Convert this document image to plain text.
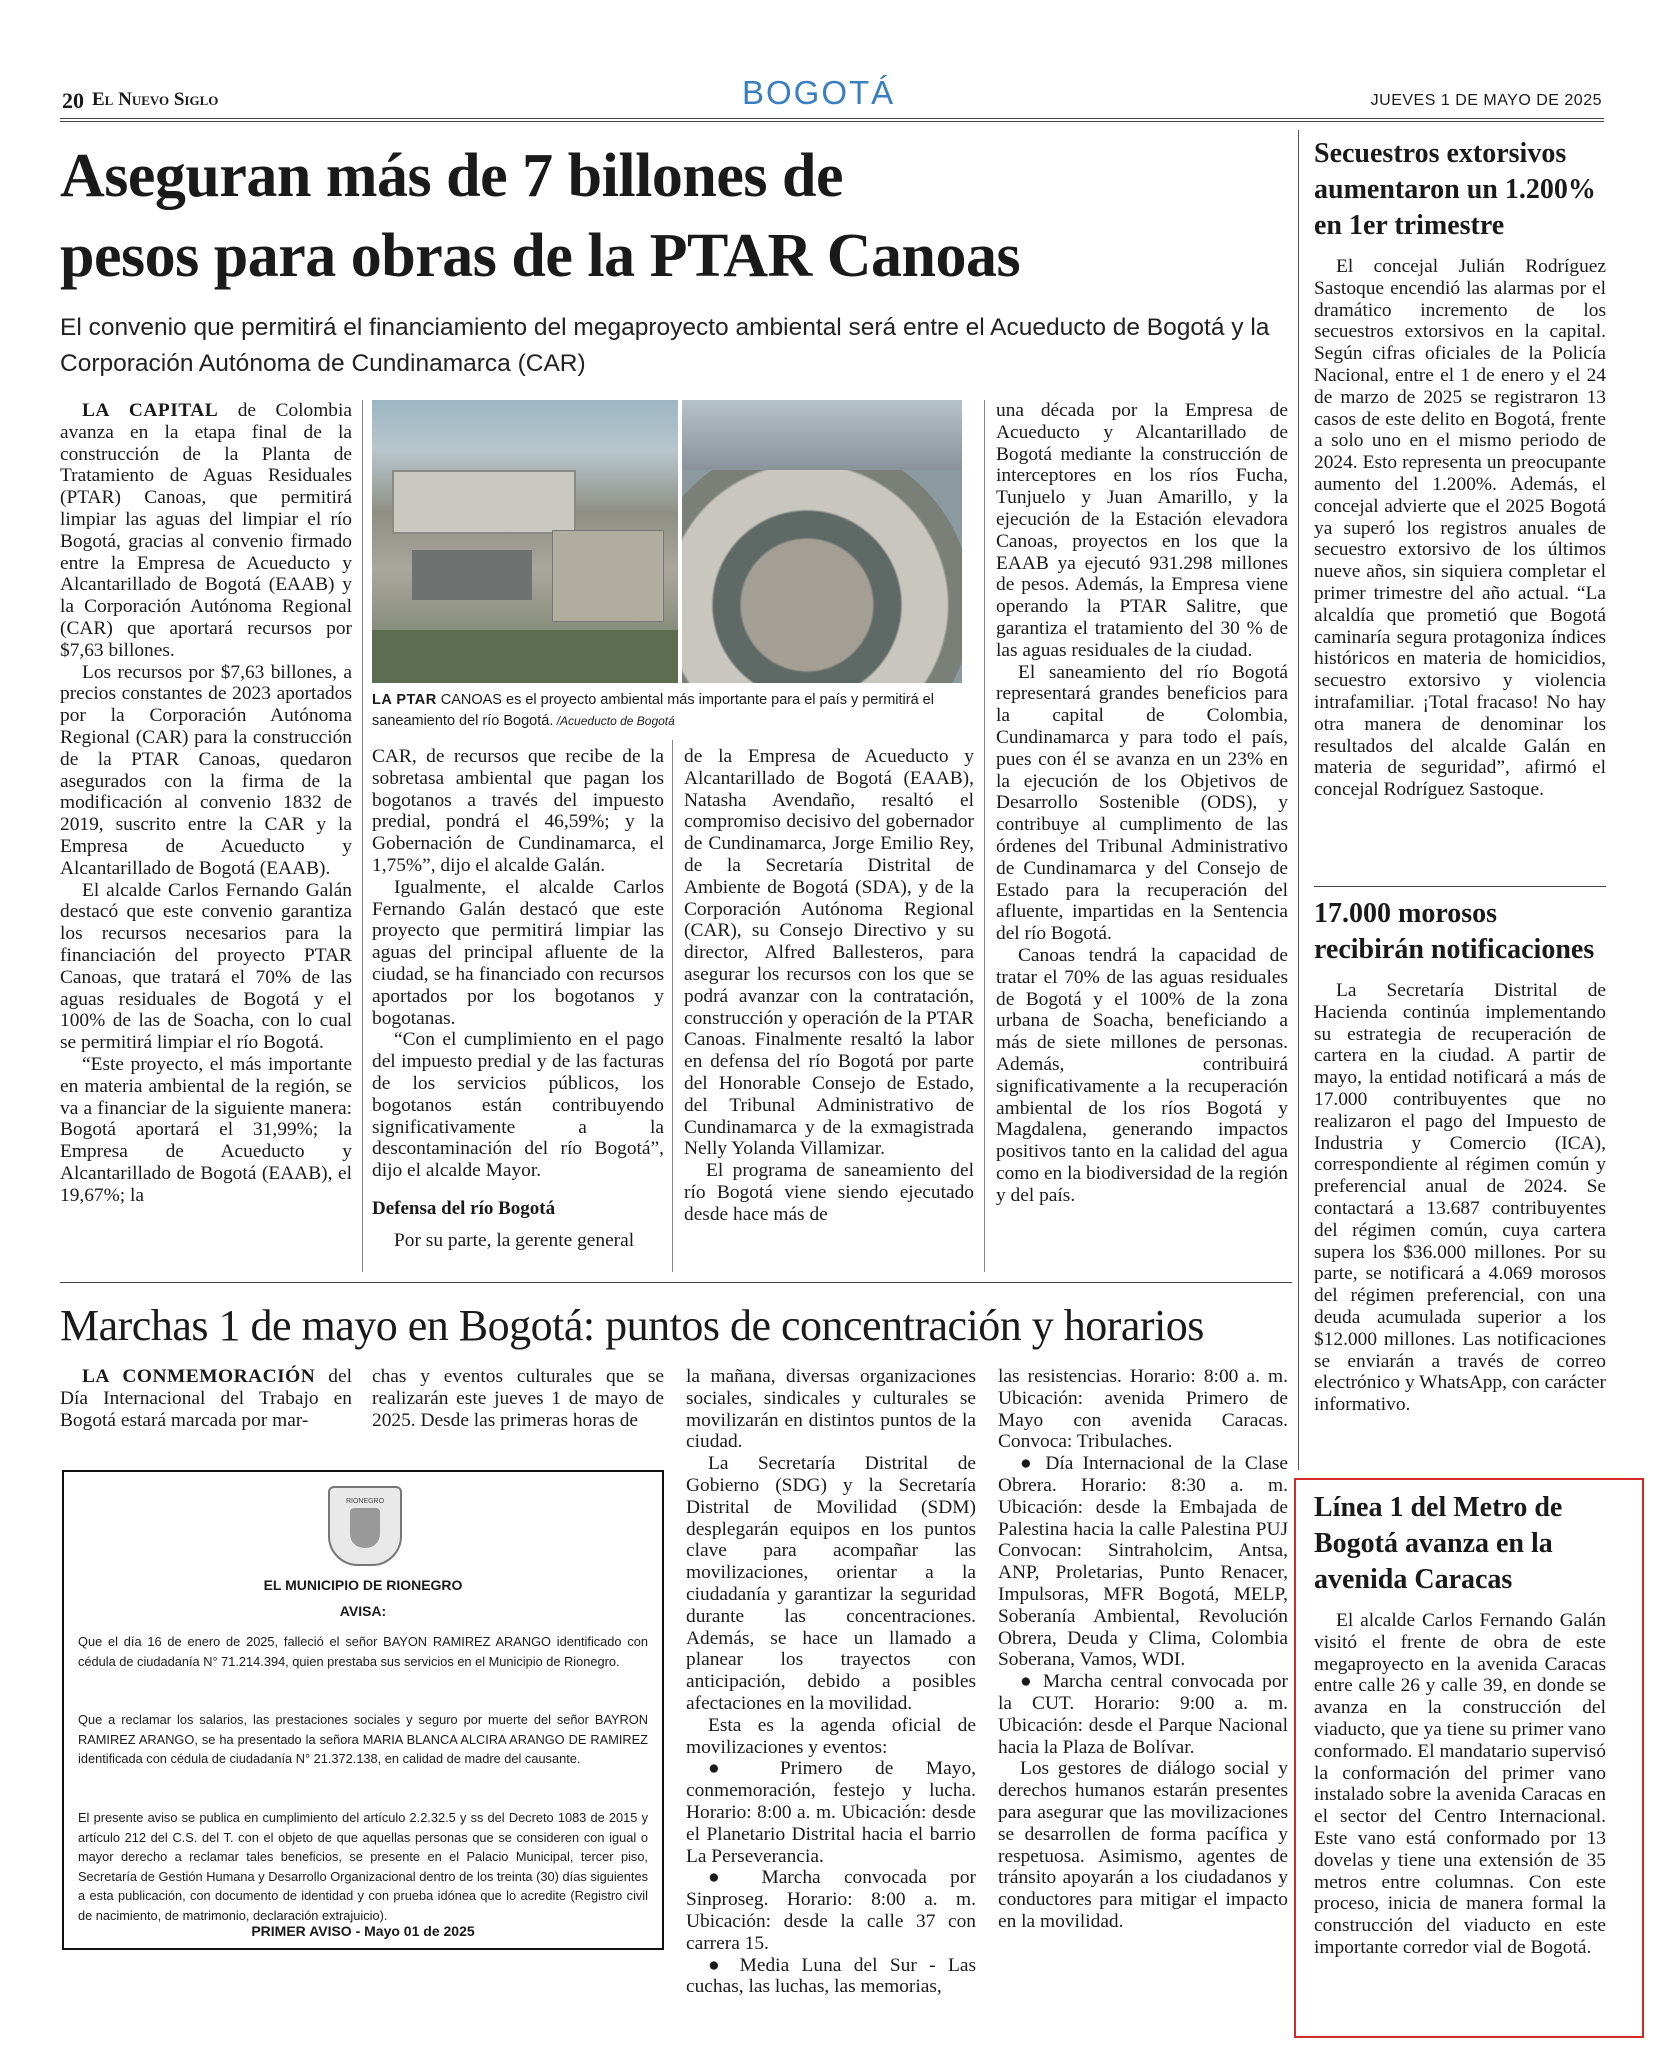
20 El Nuevo Siglo	BOGOTÁ	JUEVES 1 DE MAYO DE 2025
Aseguran más de 7 billones de
pesos para obras de la PTAR Canoas
El convenio que permitirá el financiamiento del megaproyecto ambiental será entre el Acueducto de Bogotá y la Corporación Autónoma de Cundinamarca (CAR)
LA PTAR CANOAS es el proyecto ambiental más importante para el país y permitirá el saneamiento del río Bogotá. /Acueducto de Bogotá

LA CAPITAL de Colombia avanza en la etapa final de la construcción de la Planta de Tratamiento de Aguas Residuales (PTAR) Canoas, que permitirá limpiar las aguas del limpiar el río Bogotá, gracias al convenio firmado entre la Empresa de Acueducto y Alcantarillado de Bogotá (EAAB) y la Corporación Autónoma Regional (CAR) que aportará recursos por $7,63 billones.

Los recursos por $7,63 billones, a precios constantes de 2023 aportados por la Corporación Autónoma Regional (CAR) para la construcción de la PTAR Canoas, quedaron asegurados con la firma de la modificación al convenio 1832 de 2019, suscrito entre la CAR y la Empresa de Acueducto y Alcantarillado de Bogotá (EAAB).

El alcalde Carlos Fernando Galán destacó que este convenio garantiza los recursos necesarios para la financiación del proyecto PTAR Canoas, que tratará el 70% de las aguas residuales de Bogotá y el 100% de las de Soacha, con lo cual se permitirá limpiar el río Bogotá.

“Este proyecto, el más importante en materia ambiental de la región, se va a financiar de la siguiente manera: Bogotá aportará el 31,99%; la Empresa de Acueducto y Alcantarillado de Bogotá (EAAB), el 19,67%; la

CAR, de recursos que recibe de la sobretasa ambiental que pagan los bogotanos a través del impuesto predial, pondrá el 46,59%; y la Gobernación de Cundinamarca, el 1,75%”, dijo el alcalde Galán.

Igualmente, el alcalde Carlos Fernando Galán destacó que este proyecto que permitirá limpiar las aguas del principal afluente de la ciudad, se ha financiado con recursos aportados por los bogotanos y bogotanas.

“Con el cumplimiento en el pago del impuesto predial y de las facturas de los servicios públicos, los bogotanos están contribuyendo significativamente a la descontaminación del río Bogotá”, dijo el alcalde Mayor.

Defensa del río Bogotá

Por su parte, la gerente general

de la Empresa de Acueducto y Alcantarillado de Bogotá (EAAB), Natasha Avendaño, resaltó el compromiso decisivo del gobernador de Cundinamarca, Jorge Emilio Rey, de la Secretaría Distrital de Ambiente de Bogotá (SDA), y de la Corporación Autónoma Regional (CAR), su Consejo Directivo y su director, Alfred Ballesteros, para asegurar los recursos con los que se podrá avanzar con la contratación, construcción y operación de la PTAR Canoas. Finalmente resaltó la labor en defensa del río Bogotá por parte del Honorable Consejo de Estado, del Tribunal Administrativo de Cundinamarca y de la exmagistrada Nelly Yolanda Villamizar.

El programa de saneamiento del río Bogotá viene siendo ejecutado desde hace más de

una década por la Empresa de Acueducto y Alcantarillado de Bogotá mediante la construcción de interceptores en los ríos Fucha, Tunjuelo y Juan Amarillo, y la ejecución de la Estación elevadora Canoas, proyectos en los que la EAAB ya ejecutó 931.298 millones de pesos. Además, la Empresa viene operando la PTAR Salitre, que garantiza el tratamiento del 30 % de las aguas residuales de la ciudad.

El saneamiento del río Bogotá representará grandes beneficios para la capital de Colombia, Cundinamarca y para todo el país, pues con él se avanza en un 23% en la ejecución de los Objetivos de Desarrollo Sostenible (ODS), y contribuye al cumplimento de las órdenes del Tribunal Administrativo de Cundinamarca y del Consejo de Estado para la recuperación del afluente, impartidas en la Sentencia del río Bogotá.

Canoas tendrá la capacidad de tratar el 70% de las aguas residuales de Bogotá y el 100% de la zona urbana de Soacha, beneficiando a más de siete millones de personas. Además, contribuirá significativamente a la recuperación ambiental de los ríos Bogotá y Magdalena, generando impactos positivos tanto en la calidad del agua como en la biodiversidad de la región y del país.

Marchas 1 de mayo en Bogotá: puntos de concentración y horarios

LA CONMEMORACIÓN del Día Internacional del Trabajo en Bogotá estará marcada por mar-

chas y eventos culturales que se realizarán este jueves 1 de mayo de 2025. Desde las primeras horas de

RIONEGRO
EL MUNICIPIO DE RIONEGRO
AVISA:
Que el día 16 de enero de 2025, falleció el señor BAYON RAMIREZ ARANGO identificado con cédula de ciudadanía N° 71.214.394, quien prestaba sus servicios en el Municipio de Rionegro.
Que a reclamar los salarios, las prestaciones sociales y seguro por muerte del señor BAYRON RAMIREZ ARANGO, se ha presentado la señora MARIA BLANCA ALCIRA ARANGO DE RAMIREZ identificada con cédula de ciudadanía N° 21.372.138, en calidad de madre del causante.
El presente aviso se publica en cumplimiento del artículo 2.2.32.5 y ss del Decreto 1083 de 2015 y artículo 212 del C.S. del T. con el objeto de que aquellas personas que se consideren con igual o mayor derecho a reclamar tales beneficios, se presente en el Palacio Municipal, tercer piso, Secretaría de Gestión Humana y Desarrollo Organizacional dentro de los treinta (30) días siguientes a esta publicación, con documento de identidad y con prueba idónea que lo acredite (Registro civil de nacimiento, de matrimonio, declaración extrajuicio).
PRIMER AVISO - Mayo 01 de 2025

la mañana, diversas organizaciones sociales, sindicales y culturales se movilizarán en distintos puntos de la ciudad.

La Secretaría Distrital de Gobierno (SDG) y la Secretaría Distrital de Movilidad (SDM) desplegarán equipos en los puntos clave para acompañar las movilizaciones, orientar a la ciudadanía y garantizar la seguridad durante las concentraciones. Además, se hace un llamado a planear los trayectos con anticipación, debido a posibles afectaciones en la movilidad.

Esta es la agenda oficial de movilizaciones y eventos:

● Primero de Mayo, conmemoración, festejo y lucha. Horario: 8:00 a. m. Ubicación: desde el Planetario Distrital hacia el barrio La Perseverancia.

● Marcha convocada por Sinproseg. Horario: 8:00 a. m. Ubicación: desde la calle 37 con carrera 15.

● Media Luna del Sur - Las cuchas, las luchas, las memorias,

las resistencias. Horario: 8:00 a. m. Ubicación: avenida Primero de Mayo con avenida Caracas. Convoca: Tribulaches.

● Día Internacional de la Clase Obrera. Horario: 8:30 a. m. Ubicación: desde la Embajada de Palestina hacia la calle Palestina PUJ Convocan: Sintraholcim, Antsa, ANP, Proletarias, Punto Renacer, Impulsoras, MFR Bogotá, MELP, Soberanía Ambiental, Revolución Obrera, Deuda y Clima, Colombia Soberana, Vamos, WDI.

● Marcha central convocada por la CUT. Horario: 9:00 a. m. Ubicación: desde el Parque Nacional hacia la Plaza de Bolívar.

Los gestores de diálogo social y derechos humanos estarán presentes para asegurar que las movilizaciones se desarrollen de forma pacífica y respetuosa. Asimismo, agentes de tránsito apoyarán a los ciudadanos y conductores para mitigar el impacto en la movilidad.

Secuestros extorsivos aumentaron un 1.200% en 1er trimestre

El concejal Julián Rodríguez Sastoque encendió las alarmas por el dramático incremento de los secuestros extorsivos en la capital. Según cifras oficiales de la Policía Nacional, entre el 1 de enero y el 24 de marzo de 2025 se registraron 13 casos de este delito en Bogotá, frente a solo uno en el mismo periodo de 2024. Esto representa un preocupante aumento del 1.200%. Además, el concejal advierte que el 2025 Bogotá ya superó los registros anuales de secuestro extorsivo de los últimos nueve años, sin siquiera completar el primer trimestre del año actual. “La alcaldía que prometió que Bogotá caminaría segura protagoniza índices históricos en materia de homicidios, secuestro extorsivo y violencia intrafamiliar. ¡Total fracaso! No hay otra manera de denominar los resultados del alcalde Galán en materia de seguridad”, afirmó el concejal Rodríguez Sastoque.

17.000 morosos recibirán notificaciones

La Secretaría Distrital de Hacienda continúa implementando su estrategia de recuperación de cartera en la ciudad. A partir de mayo, la entidad notificará a más de 17.000 contribuyentes que no realizaron el pago del Impuesto de Industria y Comercio (ICA), correspondiente al régimen común y preferencial anual de 2024. Se contactará a 13.687 contribuyentes del régimen común, cuya cartera supera los $36.000 millones. Por su parte, se notificará a 4.069 morosos del régimen preferencial, con una deuda acumulada superior a los $12.000 millones. Las notificaciones se enviarán a través de correo electrónico y WhatsApp, con carácter informativo.

Línea 1 del Metro de Bogotá avanza en la avenida Caracas

El alcalde Carlos Fernando Galán visitó el frente de obra de este megaproyecto en la avenida Caracas entre calle 26 y calle 39, en donde se avanza en la construcción del viaducto, que ya tiene su primer vano conformado. El mandatario supervisó la conformación del primer vano instalado sobre la avenida Caracas en el sector del Centro Internacional. Este vano está conformado por 13 dovelas y tiene una extensión de 35 metros entre columnas. Con este proceso, inicia de manera formal la construcción del viaducto en este importante corredor vial de Bogotá.
